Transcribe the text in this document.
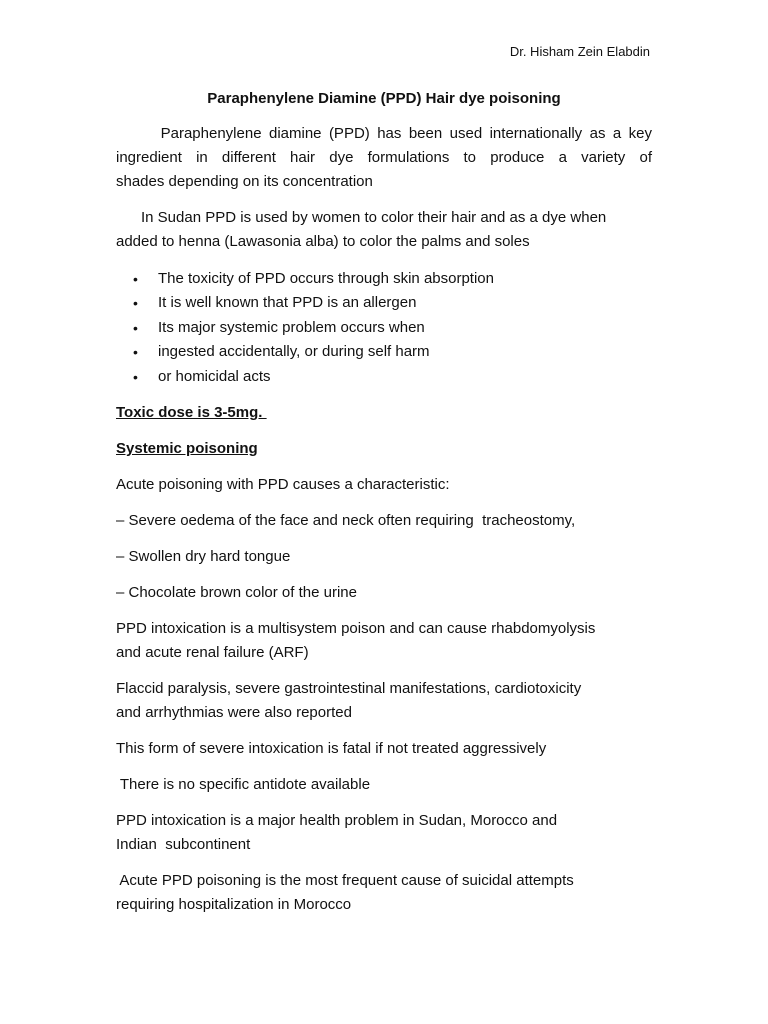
Dr. Hisham Zein Elabdin
Paraphenylene Diamine (PPD) Hair dye poisoning
Paraphenylene diamine (PPD) has been used internationally as a key
ingredient in different hair dye formulations to produce a variety of
shades depending on its concentration
In Sudan PPD is used by women to color their hair and as a dye when
added to henna (Lawasonia alba) to color the palms and soles
•	The toxicity of PPD occurs through skin absorption
•	It is well known that PPD is an allergen
•	Its major systemic problem occurs when
•	ingested accidentally, or during self harm
•	or homicidal acts
Toxic dose is 3-5mg.
Systemic poisoning
Acute poisoning with PPD causes a characteristic:
– Severe oedema of the face and neck often requiring  tracheostomy,
– Swollen dry hard tongue
– Chocolate brown color of the urine
PPD intoxication is a multisystem poison and can cause rhabdomyolysis
and acute renal failure (ARF)
Flaccid paralysis, severe gastrointestinal manifestations, cardiotoxicity
and arrhythmias were also reported
This form of severe intoxication is fatal if not treated aggressively
There is no specific antidote available
PPD intoxication is a major health problem in Sudan, Morocco and
Indian  subcontinent
Acute PPD poisoning is the most frequent cause of suicidal attempts
requiring hospitalization in Morocco
